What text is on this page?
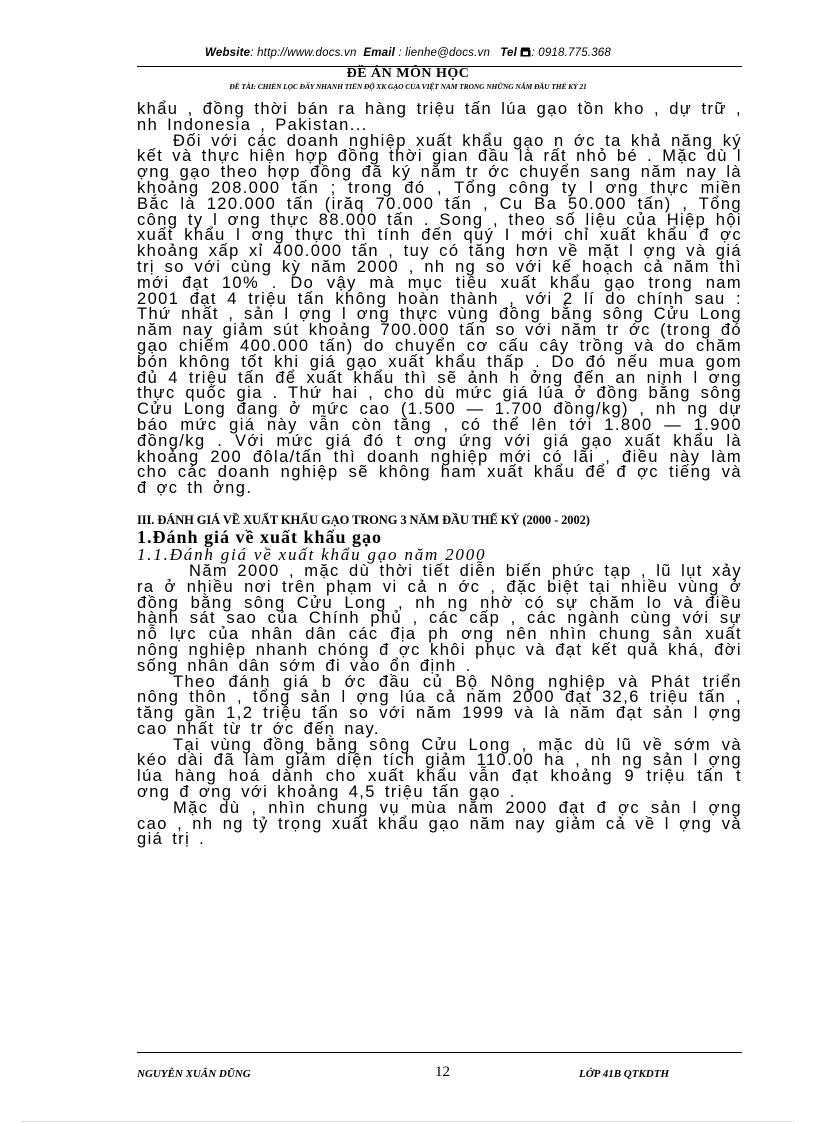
Website: http://www.docs.vn Email : lienhe@docs.vn Tel : 0918.775.368
ĐỀ ÁN MÔN HỌC
ĐỀ TÀI: CHIẾN LỌC ĐẨY NHANH TIẾN ĐỘ XK GẠO CỦA VIỆT NAM TRONG NHỮNG NĂM ĐẦU THẾ KỶ 21

khẩu , đồng thời bán ra hàng triệu tấn lúa gạo tồn kho , dự trữ , nh Indonesia , Pakistan...

Đối với các doanh nghiệp xuất khẩu gạo n ớc ta khả năng ký kết và thực hiện hợp đồng thời gian đầu là rất nhỏ bé . Mặc dù l ợng gạo theo hợp đồng đã ký năm tr ớc chuyển sang năm nay là khoảng 208.000 tấn ; trong đó , Tổng công ty l ơng thực miền Bắc là 120.000 tấn (irăq 70.000 tấn , Cu Ba 50.000 tấn) , Tổng công ty l ơng thực 88.000 tấn . Song , theo số liệu của Hiệp hội xuất khẩu l ơng thực thì tính đến quý I mới chỉ xuất khẩu đ ợc khoảng xấp xỉ 400.000 tấn , tuy có tăng hơn về mặt l ợng và giá trị so với cùng kỳ năm 2000 , nh ng so với kế hoạch cả năm thì mới đạt 10% . Do vậy mà mục tiêu xuất khẩu gạo trong nam 2001 đạt 4 triệu tấn không hoàn thành , với 2 lí do chính sau : Thứ nhất , sản l ợng l ơng thực vùng đồng bằng sông Cửu Long năm nay giảm sút khoảng 700.000 tấn so với năm tr ớc (trong đó gạo chiếm 400.000 tấn) do chuyển cơ cấu cây trồng và do chăm bón không tốt khi giá gạo xuất khẩu thấp . Do đó nếu mua gom đủ 4 triệu tấn để xuất khẩu thì sẽ ảnh h ởng đến an ninh l ơng thực quốc gia . Thứ hai , cho dù mức giá lúa ở đồng bằng sông Cửu Long đang ở mức cao (1.500 — 1.700 đồng/kg) , nh ng dự báo mức giá này vẫn còn tăng , có thể lên tới 1.800 — 1.900 đồng/kg . Với mức giá đó t ơng ứng với giá gạo xuất khẩu là khoảng 200 đôla/tấn thì doanh nghiệp mới có lãi , điều này làm cho các doanh nghiệp sẽ không ham xuất khẩu để đ ợc tiếng và đ ợc th ởng.

III. ĐÁNH GIÁ VỀ XUẤT KHẨU GẠO TRONG 3 NĂM ĐẦU THẾ KỶ (2000 - 2002)
1.Đánh giá về xuất khẩu gạo
1.1.Đánh giá về xuất khẩu gạo năm 2000

Năm 2000 , mặc dù thời tiết diễn biến phức tạp , lũ lụt xảy ra ở nhiều nơi trên phạm vi cả n ớc , đặc biệt tại nhiều vùng ở đồng bằng sông Cửu Long , nh ng nhờ có sự chăm lo và điều hành sát sao của Chính phủ , các cấp , các ngành cùng với sự nỗ lực của nhân dân các địa ph ơng nên nhìn chung sản xuất nông nghiệp nhanh chóng đ ợc khôi phục và đạt kết quả khá, đời sống nhân dân sớm đi vào ổn định .

Theo đánh giá b ớc đầu củ Bộ Nông nghiệp và Phát triển nông thôn , tổng sản l ợng lúa cả năm 2000 đạt 32,6 triệu tấn , tăng gần 1,2 triệu tấn so với năm 1999 và là năm đạt sản l ợng cao nhất từ tr ớc đến nay.

Tại vùng đồng bằng sông Cửu Long , mặc dù lũ về sớm và kéo dài đã làm giảm diện tích giảm 110.00 ha , nh ng sản l ợng lúa hàng hoá dành cho xuất khẩu vẫn đạt khoảng 9 triệu tấn t ơng đ ơng với khoảng 4,5 triệu tấn gạo .

Mặc dù , nhìn chung vụ mùa năm 2000 đạt đ ợc sản l ợng cao , nh ng tỷ trọng xuất khẩu gạo năm nay giảm cả về l ợng và giá trị .

NGUYỄN XUÂN DŨNG	12	LỚP 41B QTKDTH
